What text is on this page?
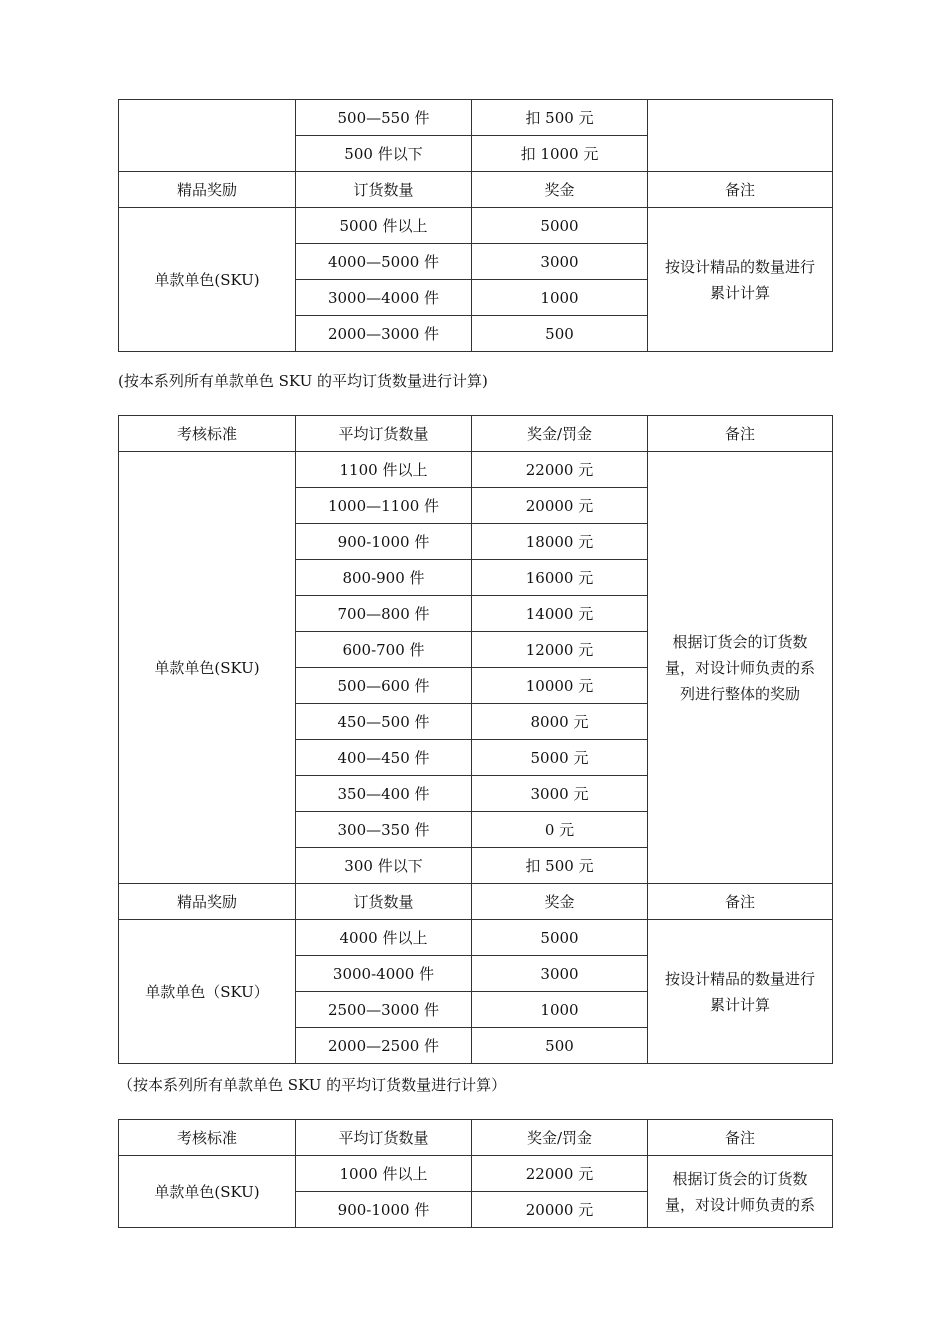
	500—550 件	扣 500 元	
	500 件以下	扣 1000 元	
精品奖励	订货数量	奖金	备注
单款单色(SKU)	5000 件以上	5000	按设计精品的数量进行
累计计算

	4000—5000 件	3000	
	3000—4000 件	1000	
	2000—3000 件	500	
(按本系列所有单款单色 SKU 的平均订货数量进行计算)
考核标准	平均订货数量	奖金/罚金	备注
单款单色(SKU)	1100 件以上	22000 元	根据订货会的订货数
量，对设计师负责的系
列进行整体的奖励

	1000—1100 件	20000 元	
	900-1000 件	18000 元	
	800-900 件	16000 元	
	700—800 件	14000 元	
	600-700 件	12000 元	
	500—600 件	10000 元	
	450—500 件	8000 元	
	400—450 件	5000 元	
	350—400 件	3000 元	
	300—350 件	0 元	
	300 件以下	扣 500 元	
精品奖励	订货数量	奖金	备注
单款单色（SKU）	4000 件以上	5000	按设计精品的数量进行
累计计算

	3000-4000 件	3000	
	2500—3000 件	1000	
	2000—2500 件	500	
（按本系列所有单款单色 SKU 的平均订货数量进行计算）
考核标准	平均订货数量	奖金/罚金	备注
单款单色(SKU)	1000 件以上	22000 元	根据订货会的订货数
量，对设计师负责的系

	900-1000 件	20000 元	
